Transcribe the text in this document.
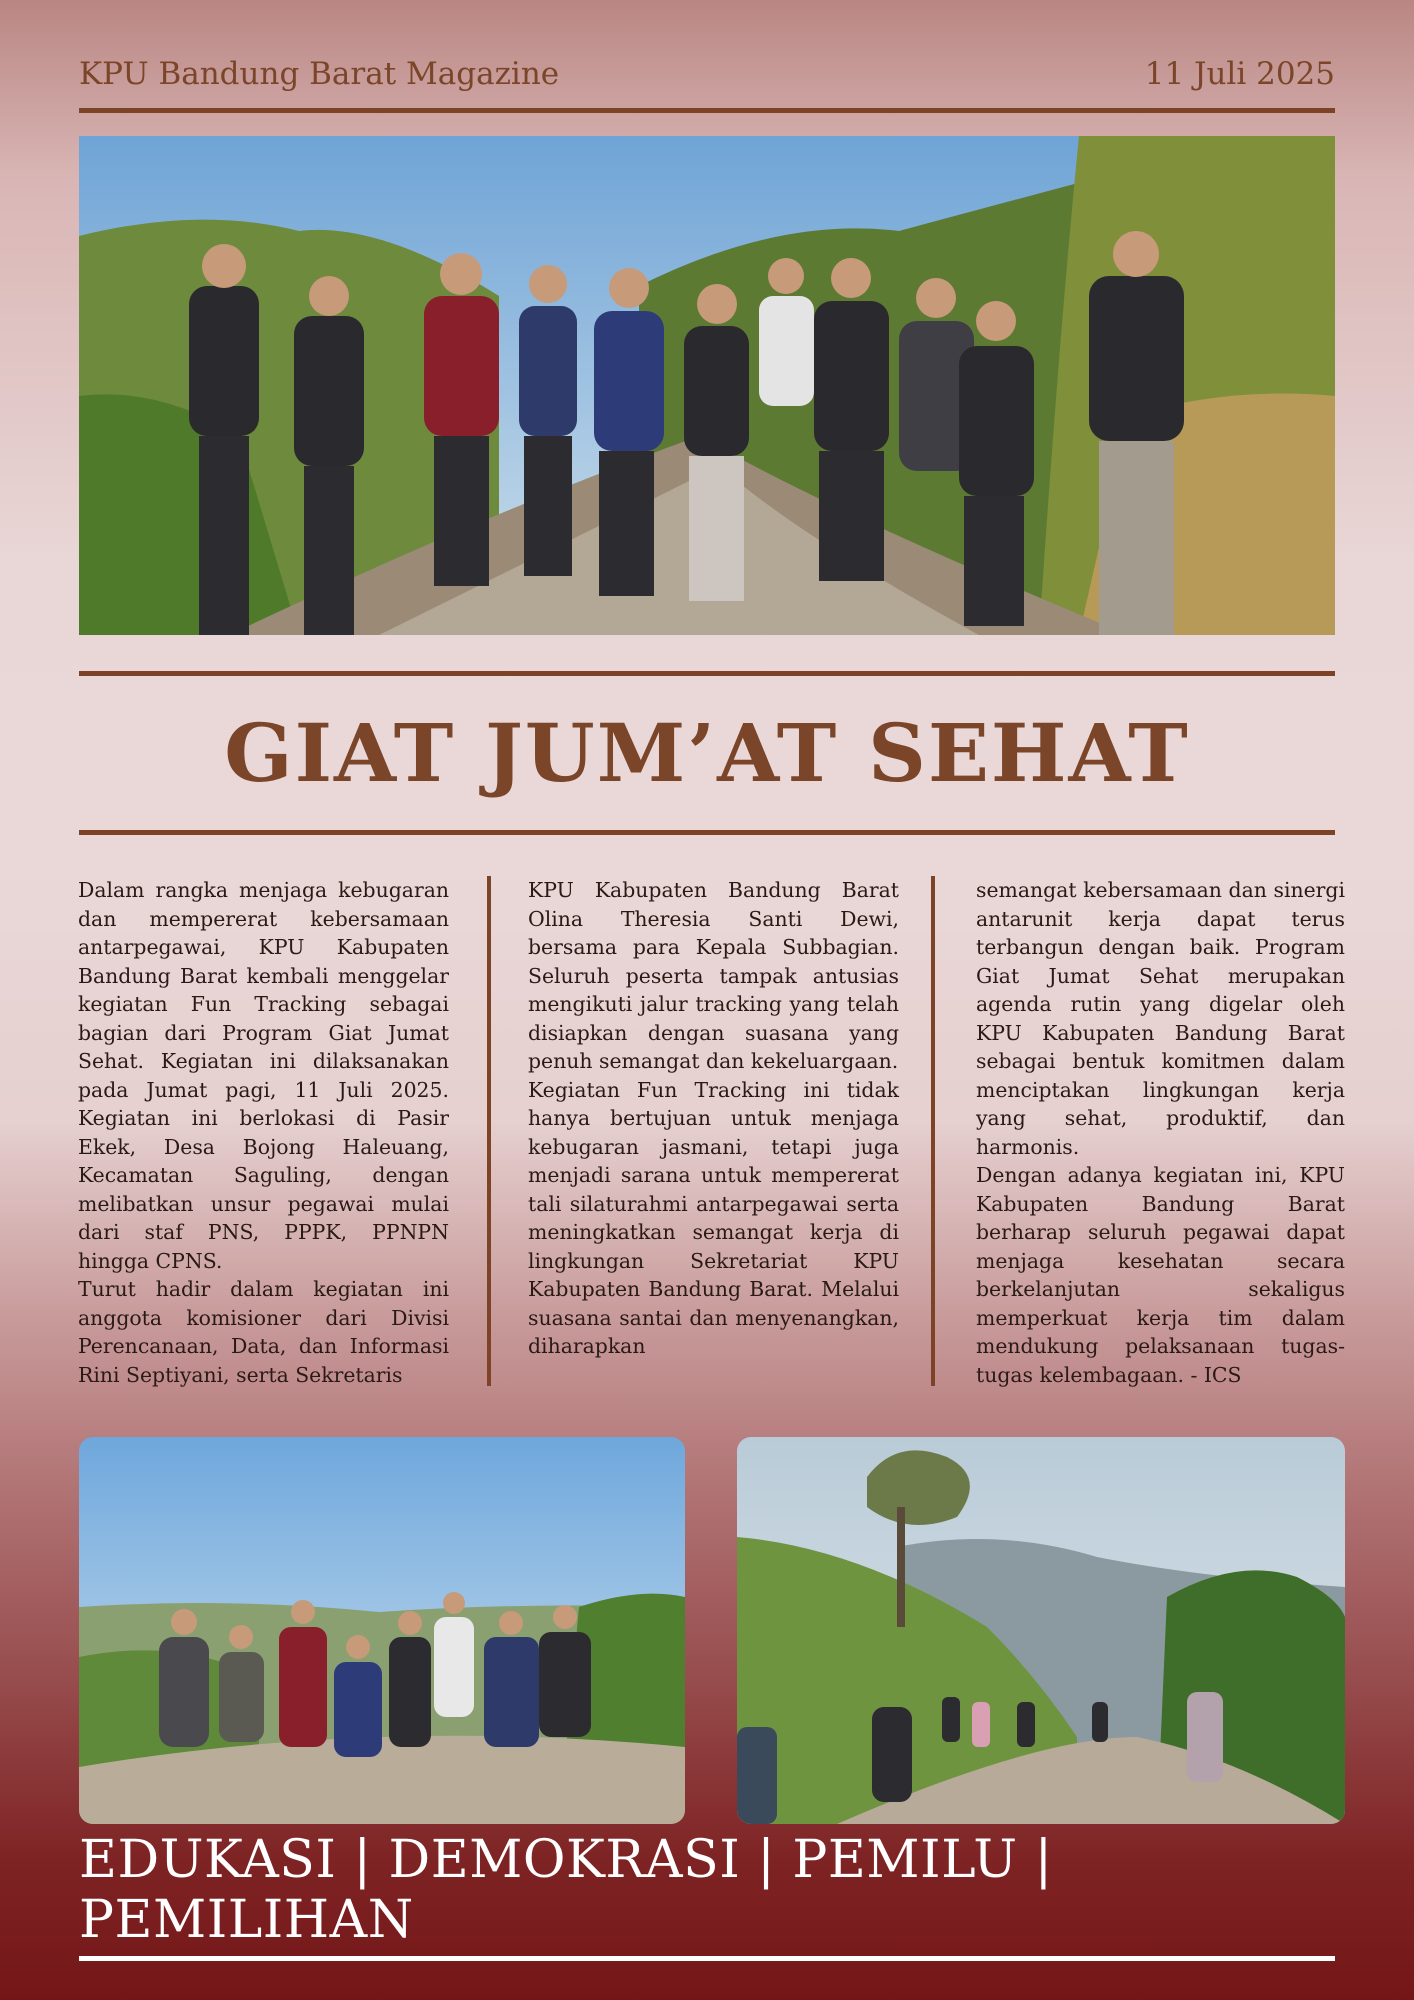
KPU Bandung Barat Magazine	11 Juli 2025
GIAT JUM’AT SEHAT

Dalam rangka menjaga kebugaran dan mempererat kebersamaan antarpegawai, KPU Kabupaten Bandung Barat kembali menggelar kegiatan Fun Tracking sebagai bagian dari Program Giat Jumat Sehat. Kegiatan ini dilaksanakan pada Jumat pagi, 11 Juli 2025. Kegiatan ini berlokasi di Pasir Ekek, Desa Bojong Haleuang, Kecamatan Saguling, dengan melibatkan unsur pegawai mulai dari staf PNS, PPPK, PPNPN hingga CPNS.

Turut hadir dalam kegiatan ini anggota komisioner dari Divisi Perencanaan, Data, dan Informasi Rini Septiyani, serta Sekretaris

KPU Kabupaten Bandung Barat Olina Theresia Santi Dewi, bersama para Kepala Subbagian. Seluruh peserta tampak antusias mengikuti jalur tracking yang telah disiapkan dengan suasana yang penuh semangat dan kekeluargaan.

Kegiatan Fun Tracking ini tidak hanya bertujuan untuk menjaga kebugaran jasmani, tetapi juga menjadi sarana untuk mempererat tali silaturahmi antarpegawai serta meningkatkan semangat kerja di lingkungan Sekretariat KPU Kabupaten Bandung Barat. Melalui suasana santai dan menyenangkan, diharapkan

semangat kebersamaan dan sinergi antarunit kerja dapat terus terbangun dengan baik. Program Giat Jumat Sehat merupakan agenda rutin yang digelar oleh KPU Kabupaten Bandung Barat sebagai bentuk komitmen dalam menciptakan lingkungan kerja yang sehat, produktif, dan harmonis.

Dengan adanya kegiatan ini, KPU Kabupaten Bandung Barat berharap seluruh pegawai dapat menjaga kesehatan secara berkelanjutan sekaligus memperkuat kerja tim dalam mendukung pelaksanaan tugas-tugas kelembagaan. - ICS

EDUKASI | DEMOKRASI | PEMILU | PEMILIHAN
